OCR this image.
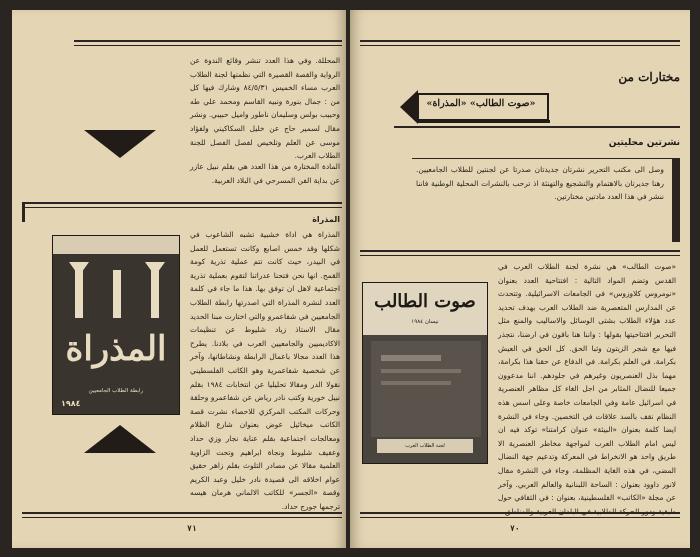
المحللة. وفي هذا العدد تنشر وقائع الندوة عن الرواية والقصة القصيرة التي نظمتها لجنة الطلاب العرب مساء الخميس ٨٤/٥/٣١ وشارك فيها كل من : جمال بنورة ونبيه القاسم ومحمد علي طه وحبيب بولس وسليمان ناطور واميل حبيبي. ونشر مقال لسمير حاج عن خليل السكاكيني ولفؤاد موسى عن العلم وتلخيص لفصل الفصل للجنة الطلاب العرب.
المادة المختارة من هذا العدد هي بقلم نبيل عازر عن بداية الفن المسرحي في البلاد العربية.
المذراة
المذراة هي اداة خشبية تشبه الشاعوب في شكلها وقد خمس اصابع وكانت تستعمل للعمل في البيدر، حيث كانت تتم عملية تذرية كومة القمح. انها نحن فتحنا عدراتنا لتقوم بعملية تذرية اجتماعية لاهل ان توفق بها. هذا ما جاء في كلمة العدد لنشرة المذراة التي اصدرتها رابطة الطلاب الجامعيين في شفاعمرو والتي اختارت مبنا الحديد مقال الاستاذ زياد شليوط عن تنظيمات الاكاديميين والجامعيين العرب في بلادنا. يطرح هذا العدد مجالا باعمال الرابطة ونشاطاتها، وآخر عن شخصية شفاعمرية وهو الكاتب الفلسطيني نقولا الدر ومقالا تحليليا عن انتخابات ١٩٨٤ بقلم نبيل خورية وكتب نادر رياض عن شفاعمرو وحلقة وحركات المكتب المركزي للاحصاء نشرت قصة الكاتب ميخائيل عوض بعنوان شارع الظلام ومعالجات اجتماعية بقلم عناية نجار وزي حداد وعفيف شليوط ونجاة ابراهيم وتحت الزاوية العلمية مقالا عن مصادر التلوث بقلم زاهر حقيق عوام اخلاقه الى قصيدة نادر خليل وعبد الكريم وقصة «الجسر» للكاتب الالماني هرمان هيسه ترجمها جورج حداد.
المذراة
رابطة الطلاب الجامعيين
١٩٨٤
٧١
مختارات من
«صوت الطالب» «المذراة»
نشرتين محليتين
وصل الى مكتب التحرير نشرتان جديدتان صدرتا عن لجنتين للطلاب الجامعيين. رهنا جديرتان بالاهتمام والتشجيع والتهنئة اذ ترحب بالنشرات المحلية الوطنية فاننا ننشر في هذا العدد مادتين مختارتين.
«صوت الطالب» هي نشرة لجنة الطلاب العرب في القدس وتضم المواد التالية : افتتاحية العدد بعنوان «نومروس كلاوزوس» في الجامعات الاسرائيلية. وتتحدث عن المدارس المتعصرية ضد الطلاب العرب بهدف تحديد عدد هؤلاء الطلاب بشتى الوسائل والاساليب والمنع مثل التحرير افتتاحيتها بقولها : واننا هنا باقون في ارضنا، نتجذر فيها مع شجر الزيتون وثبا الحق. كل الحق في العيش بكرامة. في العلم بكرامة. في الدفاع عن حقنا هذا بكرامة، مهما بذل العنصريون وغيرهم في جلودهم. اننا مدعوون جميعا للنضال المثابر من اجل الغاء كل مظاهر العنصرية في اسرائيل عامة وفي الجامعات خاصة وعلى اسس هذه النظام نقف بالسد علاقات في التخصين. وجاء في النشرة ايضا كلمة بعنوان «البيئة» عنوان كرامتنا» توكد فيه ان ليس امام الطلاب العرب لمواجهة مخاطر العنصرية الا طريق واحد هو الانخراط في المعركة وتدعيم جهة النضال المضي، في هذه الغاية المظلمة، وجاء في النشرة مقال لانور داوود بعنوان : الساحة اللبنانية والعالم العربي. وآخر عن مجلة «الكاتب» الفلسطينية، بعنوان : في الثقافي حول
صوت الطالب
نيسان ١٩٨٤
لجنة الطلاب العرب
٧٠
